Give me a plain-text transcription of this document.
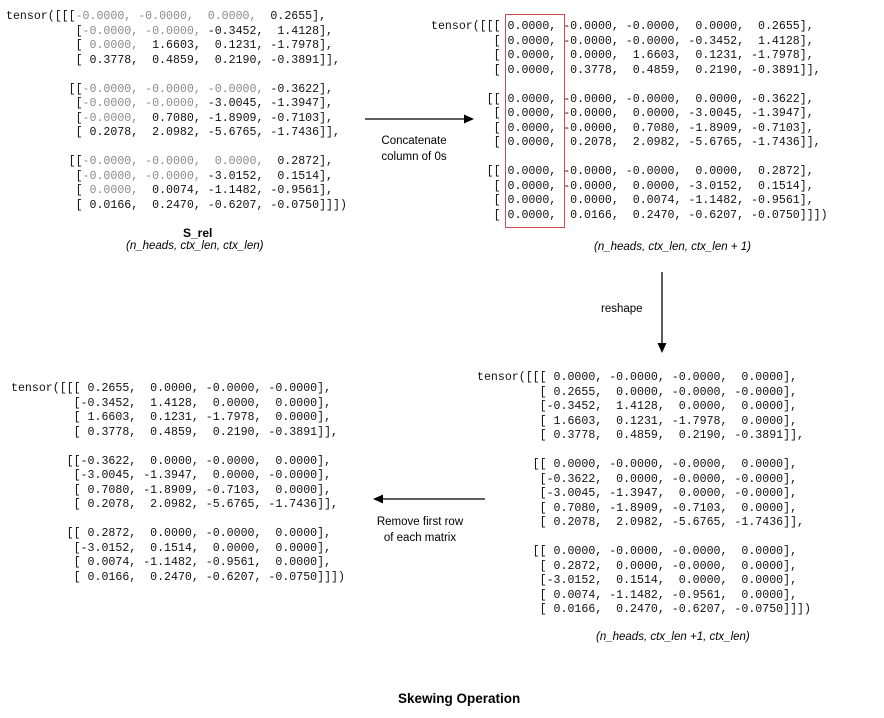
tensor([[[-0.0000, -0.0000,  0.0000,  0.2655],
[-0.0000, -0.0000, -0.3452,  1.4128],
[ 0.0000,  1.6603,  0.1231, -1.7978],
[ 0.3778,  0.4859,  0.2190, -0.3891]],

[[-0.0000, -0.0000, -0.0000, -0.3622],
[-0.0000, -0.0000, -3.0045, -1.3947],
[-0.0000,  0.7080, -1.8909, -0.7103],
[ 0.2078,  2.0982, -5.6765, -1.7436]],

[[-0.0000, -0.0000,  0.0000,  0.2872],
[-0.0000, -0.0000, -3.0152,  0.1514],
[ 0.0000,  0.0074, -1.1482, -0.9561],
[ 0.0166,  0.2470, -0.6207, -0.0750]]])
S_rel
(n_heads, ctx_len, ctx_len)
Concatenate
column of 0s
tensor([[[ 0.0000, -0.0000, -0.0000,  0.0000,  0.2655],
[ 0.0000, -0.0000, -0.0000, -0.3452,  1.4128],
[ 0.0000,  0.0000,  1.6603,  0.1231, -1.7978],
[ 0.0000,  0.3778,  0.4859,  0.2190, -0.3891]],

[[ 0.0000, -0.0000, -0.0000,  0.0000, -0.3622],
[ 0.0000, -0.0000,  0.0000, -3.0045, -1.3947],
[ 0.0000, -0.0000,  0.7080, -1.8909, -0.7103],
[ 0.0000,  0.2078,  2.0982, -5.6765, -1.7436]],

[[ 0.0000, -0.0000, -0.0000,  0.0000,  0.2872],
[ 0.0000, -0.0000,  0.0000, -3.0152,  0.1514],
[ 0.0000,  0.0000,  0.0074, -1.1482, -0.9561],
[ 0.0000,  0.0166,  0.2470, -0.6207, -0.0750]]])
(n_heads, ctx_len, ctx_len + 1)
reshape
tensor([[[ 0.0000, -0.0000, -0.0000,  0.0000],
[ 0.2655,  0.0000, -0.0000, -0.0000],
[-0.3452,  1.4128,  0.0000,  0.0000],
[ 1.6603,  0.1231, -1.7978,  0.0000],
[ 0.3778,  0.4859,  0.2190, -0.3891]],

[[ 0.0000, -0.0000, -0.0000,  0.0000],
[-0.3622,  0.0000, -0.0000, -0.0000],
[-3.0045, -1.3947,  0.0000, -0.0000],
[ 0.7080, -1.8909, -0.7103,  0.0000],
[ 0.2078,  2.0982, -5.6765, -1.7436]],

[[ 0.0000, -0.0000, -0.0000,  0.0000],
[ 0.2872,  0.0000, -0.0000,  0.0000],
[-3.0152,  0.1514,  0.0000,  0.0000],
[ 0.0074, -1.1482, -0.9561,  0.0000],
[ 0.0166,  0.2470, -0.6207, -0.0750]]])
(n_heads, ctx_len +1, ctx_len)
Remove first row
of each matrix
tensor([[[ 0.2655,  0.0000, -0.0000, -0.0000],
[-0.3452,  1.4128,  0.0000,  0.0000],
[ 1.6603,  0.1231, -1.7978,  0.0000],
[ 0.3778,  0.4859,  0.2190, -0.3891]],

[[-0.3622,  0.0000, -0.0000,  0.0000],
[-3.0045, -1.3947,  0.0000, -0.0000],
[ 0.7080, -1.8909, -0.7103,  0.0000],
[ 0.2078,  2.0982, -5.6765, -1.7436]],

[[ 0.2872,  0.0000, -0.0000,  0.0000],
[-3.0152,  0.1514,  0.0000,  0.0000],
[ 0.0074, -1.1482, -0.9561,  0.0000],
[ 0.0166,  0.2470, -0.6207, -0.0750]]])
Skewing Operation
